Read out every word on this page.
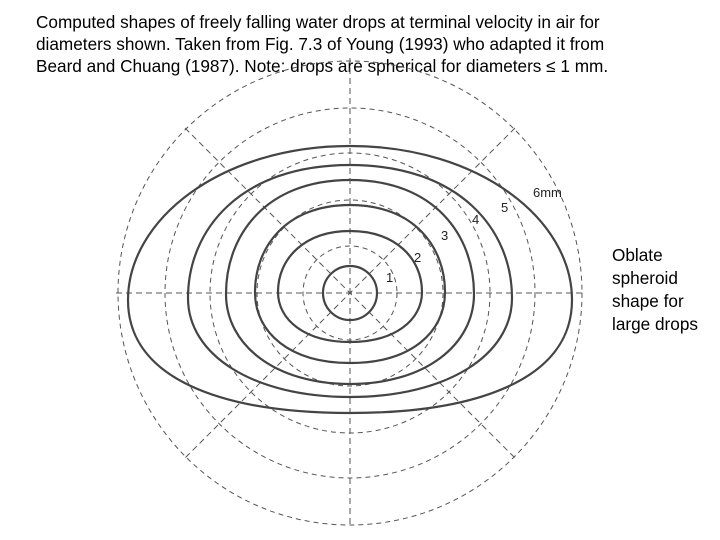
Computed shapes of freely falling water drops at terminal velocity in air for
diameters shown. Taken from Fig. 7.3 of Young (1993) who adapted it from
Beard and Chuang (1987). Note: drops are spherical for diameters ≤ 1 mm.
1
2
3
4
5
6mm
Oblate
spheroid
shape for
large drops
